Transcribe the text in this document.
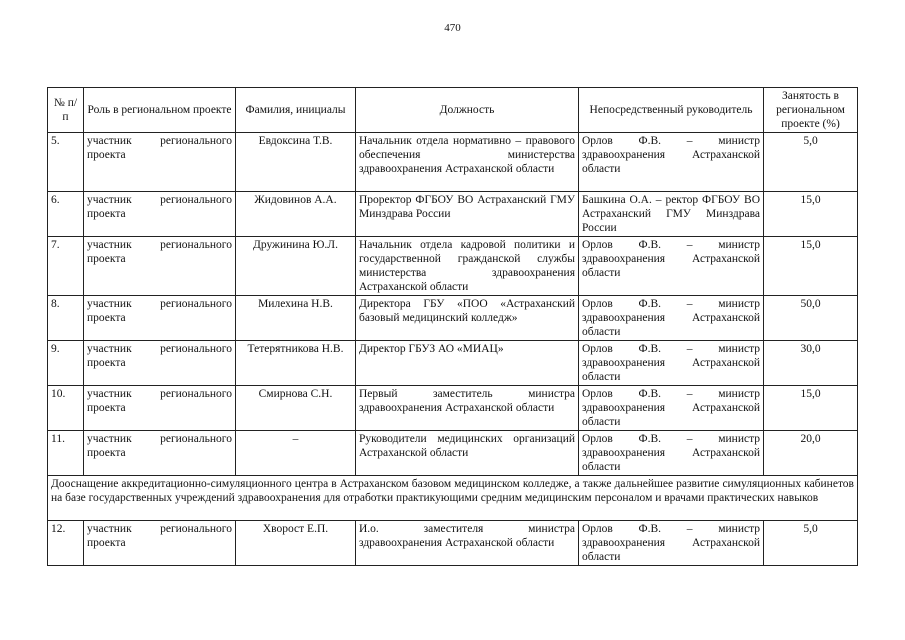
470
№ п/п	Роль в региональном проекте	Фамилия, инициалы	Должность	Непосредственный руководитель	Занятость в региональном проекте (%)
5.	участник регионального проекта	Евдоксина Т.В.	Начальник отдела нормативно – правового обеспечения министерства здравоохранения Астраханской области	Орлов Ф.В. – министр здравоохранения Астраханской области	5,0
6.	участник регионального проекта	Жидовинов А.А.	Проректор ФГБОУ ВО Астраханский ГМУ Минздрава России	Башкина О.А. – ректор ФГБОУ ВО Астраханский ГМУ Минздрава России	15,0
7.	участник регионального проекта	Дружинина Ю.Л.	Начальник отдела кадровой политики и государственной гражданской службы министерства здравоохранения Астраханской области	Орлов Ф.В. – министр здравоохранения Астраханской области	15,0
8.	участник регионального проекта	Милехина Н.В.	Директора ГБУ «ПОО «Астраханский базовый медицинский колледж»	Орлов Ф.В. – министр здравоохранения Астраханской области	50,0
9.	участник регионального проекта	Тетерятникова Н.В.	Директор ГБУЗ АО «МИАЦ»	Орлов Ф.В. – министр здравоохранения Астраханской области	30,0
10.	участник регионального проекта	Смирнова С.Н.	Первый заместитель министра здравоохранения Астраханской области	Орлов Ф.В. – министр здравоохранения Астраханской области	15,0
11.	участник регионального проекта	–	Руководители медицинских организаций Астраханской области	Орлов Ф.В. – министр здравоохранения Астраханской области	20,0
Дооснащение аккредитационно-симуляционного центра в Астраханском базовом медицинском колледже, а также дальнейшее развитие симуляционных кабинетов на базе государственных учреждений здравоохранения для отработки практикующими средним медицинским персоналом и врачами практических навыков					
12.	участник регионального проекта	Хворост Е.П.	И.о. заместителя министра здравоохранения Астраханской области	Орлов Ф.В. – министр здравоохранения Астраханской области	5,0
